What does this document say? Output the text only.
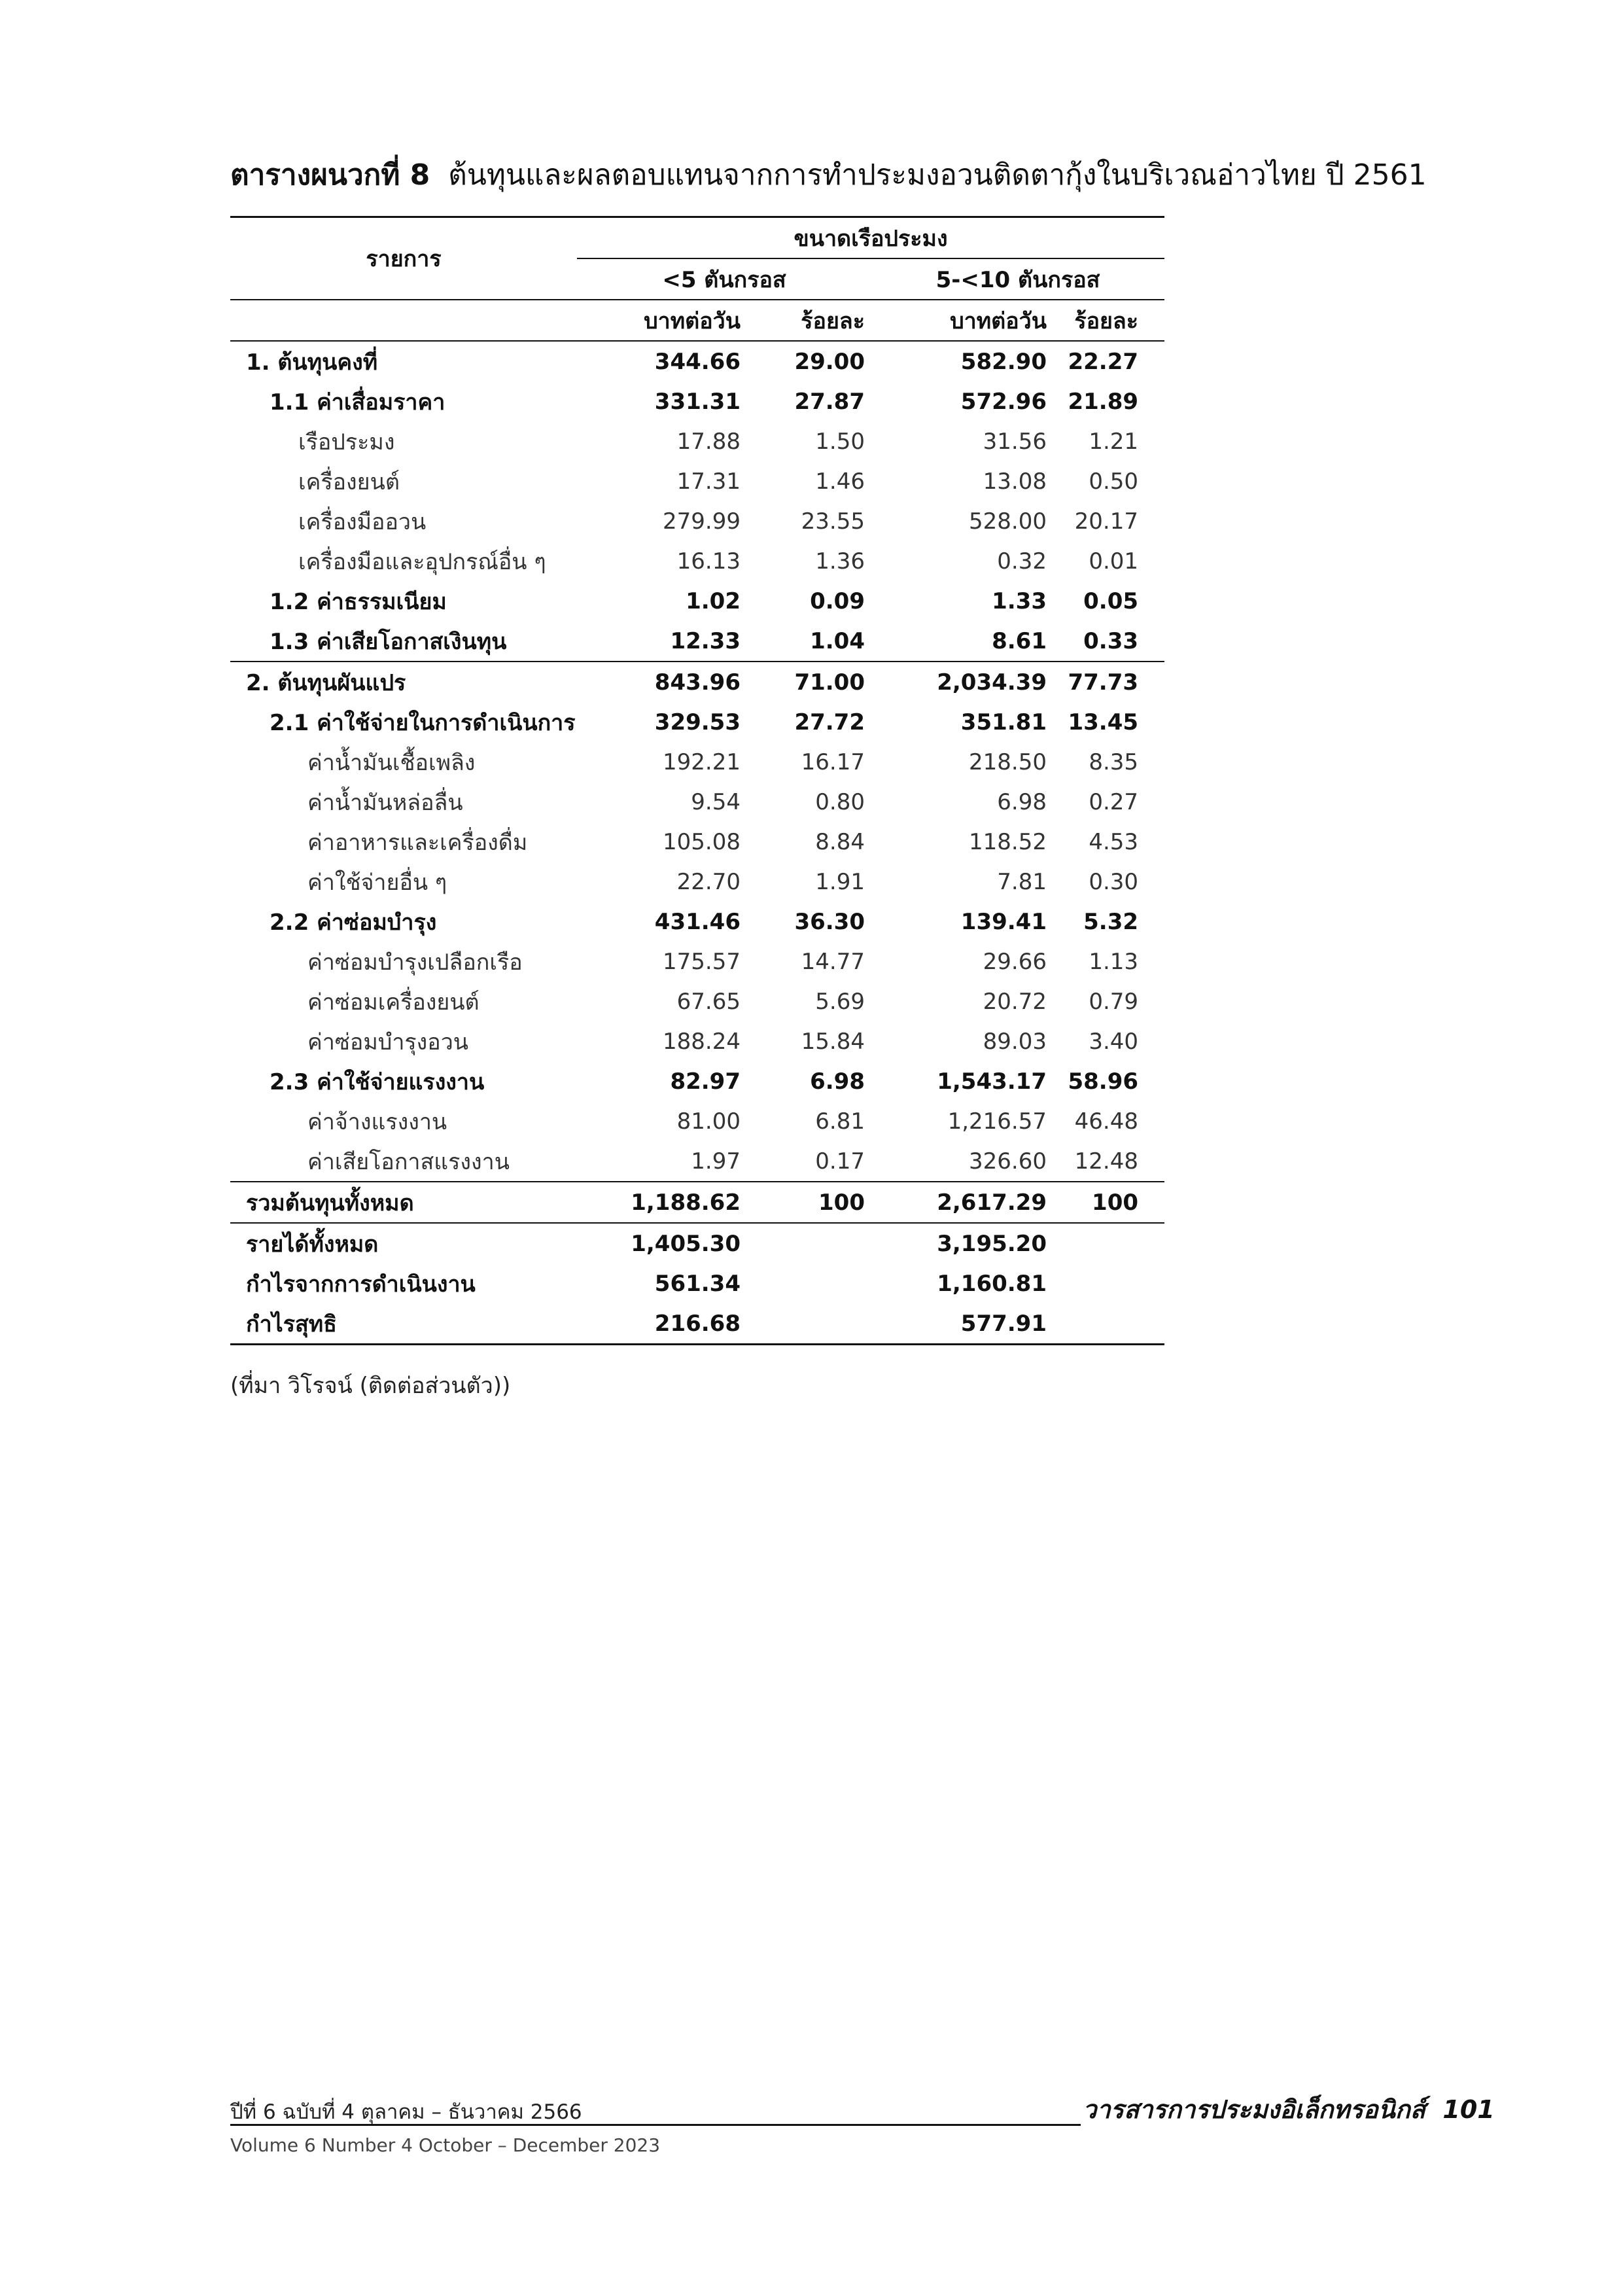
ตารางผนวกที่ 8 ต้นทุนและผลตอบแทนจากการทำประมงอวนติดตากุ้งในบริเวณอ่าวไทย ปี 2561
รายการ	ขนาดเรือประมง			
	<5 ตันกรอส		5-<10 ตันกรอส	
	บาทต่อวัน	ร้อยละ	บาทต่อวัน	ร้อยละ
1. ต้นทุนคงที่	344.66	29.00	582.90	22.27
1.1 ค่าเสื่อมราคา	331.31	27.87	572.96	21.89
เรือประมง	17.88	1.50	31.56	1.21
เครื่องยนต์	17.31	1.46	13.08	0.50
เครื่องมืออวน	279.99	23.55	528.00	20.17
เครื่องมือและอุปกรณ์อื่น ๆ	16.13	1.36	0.32	0.01
1.2 ค่าธรรมเนียม	1.02	0.09	1.33	0.05
1.3 ค่าเสียโอกาสเงินทุน	12.33	1.04	8.61	0.33
2. ต้นทุนผันแปร	843.96	71.00	2,034.39	77.73
2.1 ค่าใช้จ่ายในการดำเนินการ	329.53	27.72	351.81	13.45
ค่าน้ำมันเชื้อเพลิง	192.21	16.17	218.50	8.35
ค่าน้ำมันหล่อลื่น	9.54	0.80	6.98	0.27
ค่าอาหารและเครื่องดื่ม	105.08	8.84	118.52	4.53
ค่าใช้จ่ายอื่น ๆ	22.70	1.91	7.81	0.30
2.2 ค่าซ่อมบำรุง	431.46	36.30	139.41	5.32
ค่าซ่อมบำรุงเปลือกเรือ	175.57	14.77	29.66	1.13
ค่าซ่อมเครื่องยนต์	67.65	5.69	20.72	0.79
ค่าซ่อมบำรุงอวน	188.24	15.84	89.03	3.40
2.3 ค่าใช้จ่ายแรงงาน	82.97	6.98	1,543.17	58.96
ค่าจ้างแรงงาน	81.00	6.81	1,216.57	46.48
ค่าเสียโอกาสแรงงาน	1.97	0.17	326.60	12.48
รวมต้นทุนทั้งหมด	1,188.62	100	2,617.29	100
รายได้ทั้งหมด	1,405.30		3,195.20	
กำไรจากการดำเนินงาน	561.34		1,160.81	
กำไรสุทธิ	216.68		577.91	
(ที่มา วิโรจน์ (ติดต่อส่วนตัว))
ปีที่ 6 ฉบับที่ 4 ตุลาคม – ธันวาคม 2566
Volume 6 Number 4 October – December 2023
วารสารการประมงอิเล็กทรอนิกส์ 101
